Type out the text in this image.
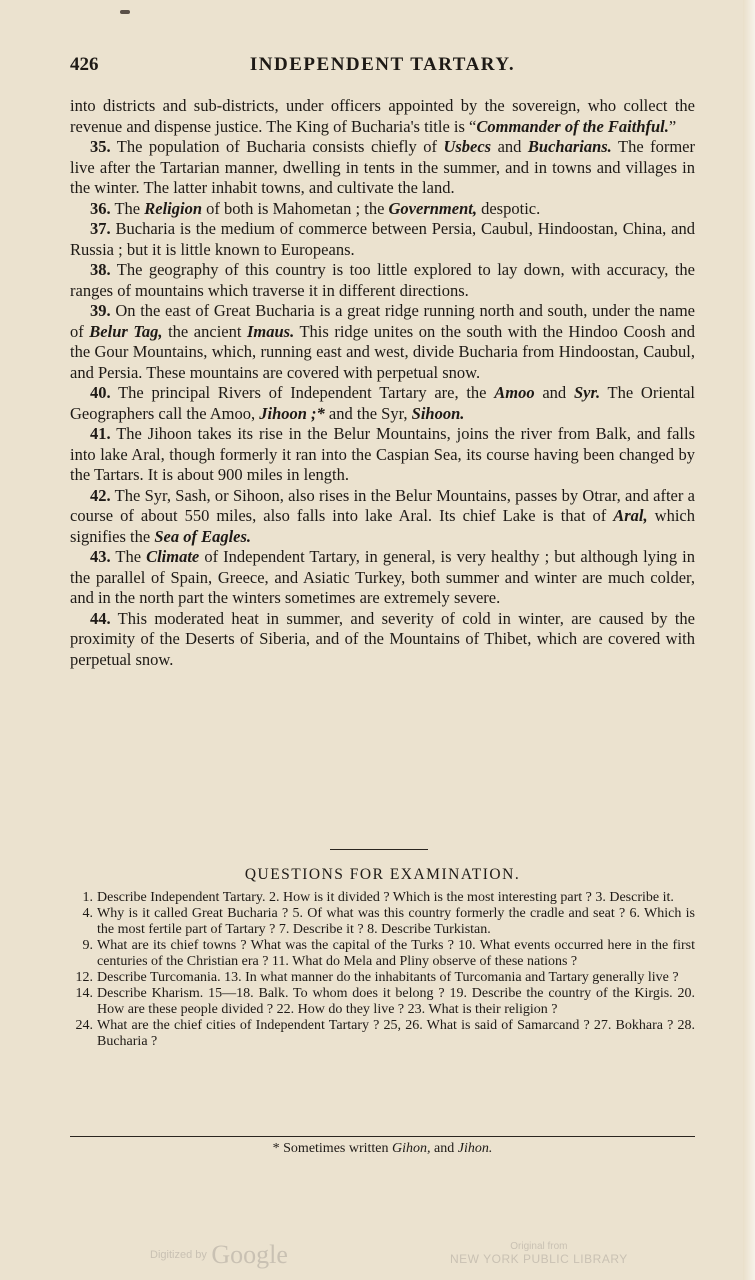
426	INDEPENDENT TARTARY.

into districts and sub-districts, under officers appointed by the sovereign, who collect the revenue and dispense justice. The King of Bucharia's title is “Commander of the Faithful.”

35. The population of Bucharia consists chiefly of Usbecs and Bucharians. The former live after the Tartarian manner, dwelling in tents in the summer, and in towns and villages in the winter. The latter inhabit towns, and cultivate the land.

36. The Religion of both is Mahometan ; the Government, despotic.

37. Bucharia is the medium of commerce between Persia, Caubul, Hindoostan, China, and Russia ; but it is little known to Europeans.

38. The geography of this country is too little explored to lay down, with accuracy, the ranges of mountains which traverse it in different directions.

39. On the east of Great Bucharia is a great ridge running north and south, under the name of Belur Tag, the ancient Imaus. This ridge unites on the south with the Hindoo Coosh and the Gour Mountains, which, running east and west, divide Bucharia from Hindoostan, Caubul, and Persia. These mountains are covered with perpetual snow.

40. The principal Rivers of Independent Tartary are, the Amoo and Syr. The Oriental Geographers call the Amoo, Jihoon ;* and the Syr, Sihoon.

41. The Jihoon takes its rise in the Belur Mountains, joins the river from Balk, and falls into lake Aral, though formerly it ran into the Caspian Sea, its course having been changed by the Tartars. It is about 900 miles in length.

42. The Syr, Sash, or Sihoon, also rises in the Belur Mountains, passes by Otrar, and after a course of about 550 miles, also falls into lake Aral. Its chief Lake is that of Aral, which signifies the Sea of Eagles.

43. The Climate of Independent Tartary, in general, is very healthy ; but although lying in the parallel of Spain, Greece, and Asiatic Turkey, both summer and winter are much colder, and in the north part the winters sometimes are extremely severe.

44. This moderated heat in summer, and severity of cold in winter, are caused by the proximity of the Deserts of Siberia, and of the Mountains of Thibet, which are covered with perpetual snow.

QUESTIONS FOR EXAMINATION.

1. Describe Independent Tartary. 2. How is it divided ? Which is the most interesting part ? 3. Describe it.

4. Why is it called Great Bucharia ? 5. Of what was this country formerly the cradle and seat ? 6. Which is the most fertile part of Tartary ? 7. Describe it ? 8. Describe Turkistan.

9. What are its chief towns ? What was the capital of the Turks ? 10. What events occurred here in the first centuries of the Christian era ? 11. What do Mela and Pliny observe of these nations ?

12. Describe Turcomania. 13. In what manner do the inhabitants of Turcomania and Tartary generally live ?

14. Describe Kharism. 15—18. Balk. To whom does it belong ? 19. Describe the country of the Kirgis. 20. How are these people divided ? 22. How do they live ? 23. What is their religion ?

24. What are the chief cities of Independent Tartary ? 25, 26. What is said of Samarcand ? 27. Bokhara ? 28. Bucharia ?

* Sometimes written Gihon, and Jihon.
Digitized by Google	Original from
NEW YORK PUBLIC LIBRARY
